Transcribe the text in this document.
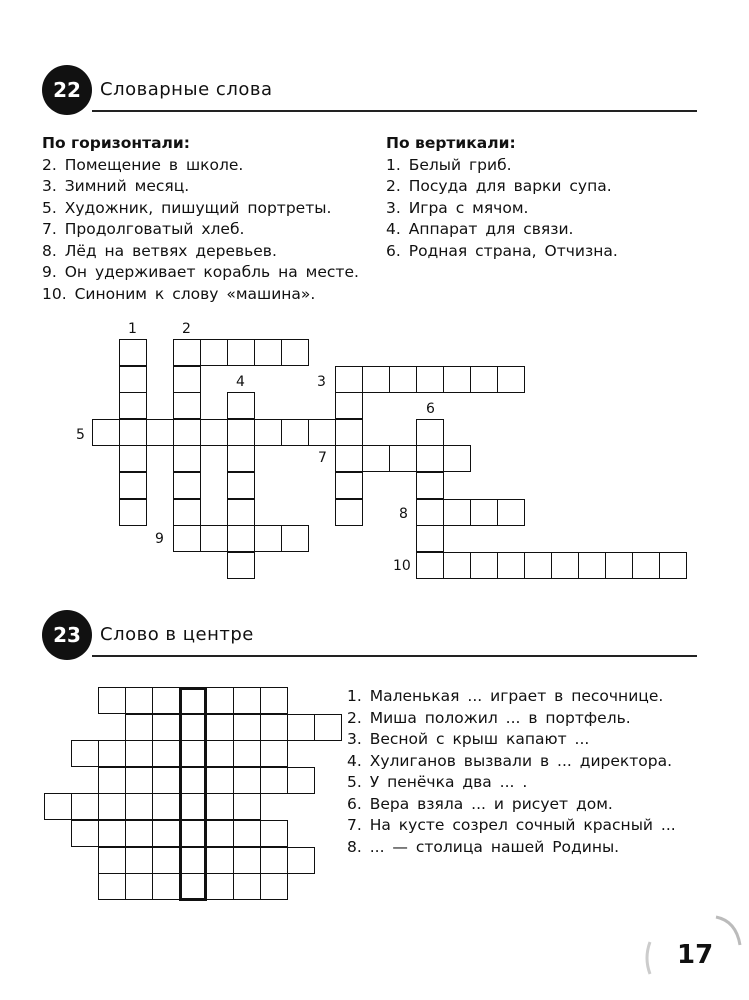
22 Словарные слова
По горизонтали:
2. Помещение в школе.
3. Зимний месяц.
5. Художник, пишущий портреты.
7. Продолговатый хлеб.
8. Лёд на ветвях деревьев.
9. Он удерживает корабль на месте.
10. Синоним к слову «машина».
По вертикали:
1. Белый гриб.
2. Посуда для варки супа.
3. Игра с мячом.
4. Аппарат для связи.
6. Родная страна, Отчизна.
1	2
4	3
6
5
7
8
9
10
23 Слово в центре
1. Маленькая ... играет в песочнице.
2. Миша положил ... в портфель.
3. Весной с крыш капают ...
4. Хулиганов вызвали в ... директора.
5. У пенёчка два ... .
6. Вера взяла ... и рисует дом.
7. На кусте созрел сочный красный ...
8. ... — столица нашей Родины.
17
